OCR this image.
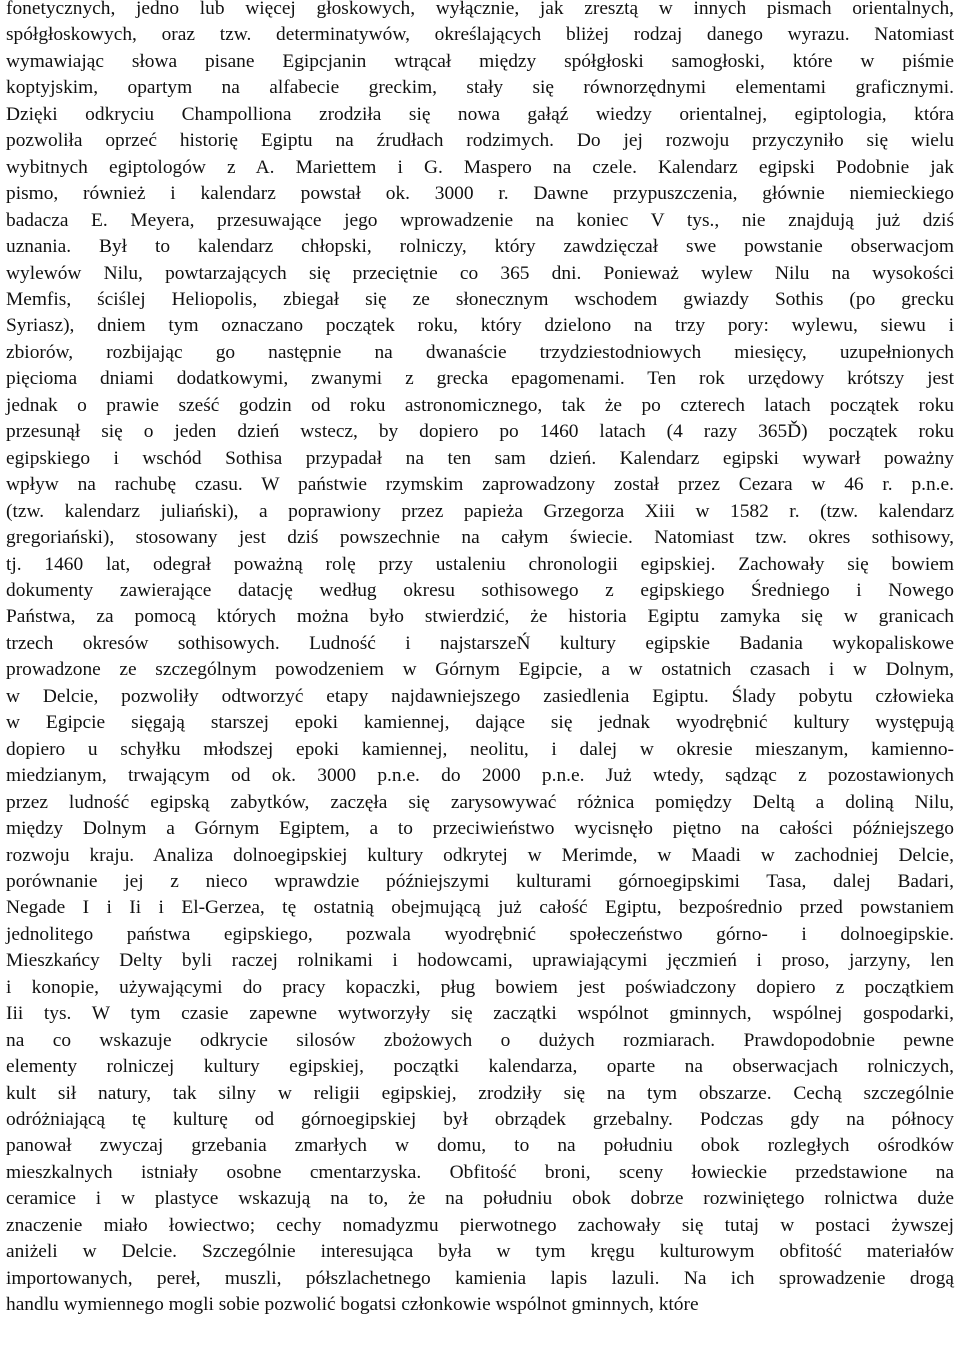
fonetycznych, jedno lub więcej głoskowych, wyłącznie, jak zresztą w innych pismach orientalnych,
spółgłoskowych, oraz tzw. determinatywów, określających bliżej rodzaj danego wyrazu. Natomiast
wymawiając słowa pisane Egipcjanin wtrącał między spółgłoski samogłoski, które w piśmie
koptyjskim, opartym na alfabecie greckim, stały się równorzędnymi elementami graficznymi.
Dzięki odkryciu Champolliona zrodziła się nowa gałąź wiedzy orientalnej, egiptologia, która
pozwoliła oprzeć historię Egiptu na źrudłach rodzimych. Do jej rozwoju przyczyniło się wielu
wybitnych egiptologów z A. Mariettem i G. Maspero na czele. Kalendarz egipski Podobnie jak
pismo, również i kalendarz powstał ok. 3000 r. Dawne przypuszczenia, głównie niemieckiego
badacza E. Meyera, przesuwające jego wprowadzenie na koniec V tys., nie znajdują już dziś
uznania. Był to kalendarz chłopski, rolniczy, który zawdzięczał swe powstanie obserwacjom
wylewów Nilu, powtarzających się przeciętnie co 365 dni. Ponieważ wylew Nilu na wysokości
Memfis, ściślej Heliopolis, zbiegał się ze słonecznym wschodem gwiazdy Sothis (po grecku
Syriasz), dniem tym oznaczano początek roku, który dzielono na trzy pory: wylewu, siewu i
zbiorów, rozbijając go następnie na dwanaście trzydziestodniowych miesięcy, uzupełnionych
pięcioma dniami dodatkowymi, zwanymi z grecka epagomenami. Ten rok urzędowy krótszy jest
jednak o prawie sześć godzin od roku astronomicznego, tak że po czterech latach początek roku
przesunął się o jeden dzień wstecz, by dopiero po 1460 latach (4 razy 365Ď) początek roku
egipskiego i wschód Sothisa przypadał na ten sam dzień. Kalendarz egipski wywarł poważny
wpływ na rachubę czasu. W państwie rzymskim zaprowadzony został przez Cezara w 46 r. p.n.e.
(tzw. kalendarz juliański), a poprawiony przez papieża Grzegorza Xiii w 1582 r. (tzw. kalendarz
gregoriański), stosowany jest dziś powszechnie na całym świecie. Natomiast tzw. okres sothisowy,
tj. 1460 lat, odegrał poważną rolę przy ustaleniu chronologii egipskiej. Zachowały się bowiem
dokumenty zawierające datację według okresu sothisowego z egipskiego Średniego i Nowego
Państwa, za pomocą których można było stwierdzić, że historia Egiptu zamyka się w granicach
trzech okresów sothisowych. Ludność i najstarszeŃ kultury egipskie Badania wykopaliskowe
prowadzone ze szczególnym powodzeniem w Górnym Egipcie, a w ostatnich czasach i w Dolnym,
w Delcie, pozwoliły odtworzyć etapy najdawniejszego zasiedlenia Egiptu. Ślady pobytu człowieka
w Egipcie sięgają starszej epoki kamiennej, dające się jednak wyodrębnić kultury występują
dopiero u schyłku młodszej epoki kamiennej, neolitu, i dalej w okresie mieszanym, kamienno-
miedzianym, trwającym od ok. 3000 p.n.e. do 2000 p.n.e. Już wtedy, sądząc z pozostawionych
przez ludność egipską zabytków, zaczęła się zarysowywać różnica pomiędzy Deltą a doliną Nilu,
między Dolnym a Górnym Egiptem, a to przeciwieństwo wycisnęło piętno na całości późniejszego
rozwoju kraju. Analiza dolnoegipskiej kultury odkrytej w Merimde, w Maadi w zachodniej Delcie,
porównanie jej z nieco wprawdzie późniejszymi kulturami górnoegipskimi Tasa, dalej Badari,
Negade I i Ii i El-Gerzea, tę ostatnią obejmującą już całość Egiptu, bezpośrednio przed powstaniem
jednolitego państwa egipskiego, pozwala wyodrębnić społeczeństwo górno- i dolnoegipskie.
Mieszkańcy Delty byli raczej rolnikami i hodowcami, uprawiającymi jęczmień i proso, jarzyny, len
i konopie, używającymi do pracy kopaczki, pług bowiem jest poświadczony dopiero z początkiem
Iii tys. W tym czasie zapewne wytworzyły się zaczątki wspólnot gminnych, wspólnej gospodarki,
na co wskazuje odkrycie silosów zbożowych o dużych rozmiarach. Prawdopodobnie pewne
elementy rolniczej kultury egipskiej, początki kalendarza, oparte na obserwacjach rolniczych,
kult sił natury, tak silny w religii egipskiej, zrodziły się na tym obszarze. Cechą szczególnie
odróżniającą tę kulturę od górnoegipskiej był obrządek grzebalny. Podczas gdy na północy
panował zwyczaj grzebania zmarłych w domu, to na południu obok rozległych ośrodków
mieszkalnych istniały osobne cmentarzyska. Obfitość broni, sceny łowieckie przedstawione na
ceramice i w plastyce wskazują na to, że na południu obok dobrze rozwiniętego rolnictwa duże
znaczenie miało łowiectwo; cechy nomadyzmu pierwotnego zachowały się tutaj w postaci żywszej
aniżeli w Delcie. Szczególnie interesująca była w tym kręgu kulturowym obfitość materiałów
importowanych, pereł, muszli, półszlachetnego kamienia lapis lazuli. Na ich sprowadzenie drogą
handlu wymiennego mogli sobie pozwolić bogatsi członkowie wspólnot gminnych, które
